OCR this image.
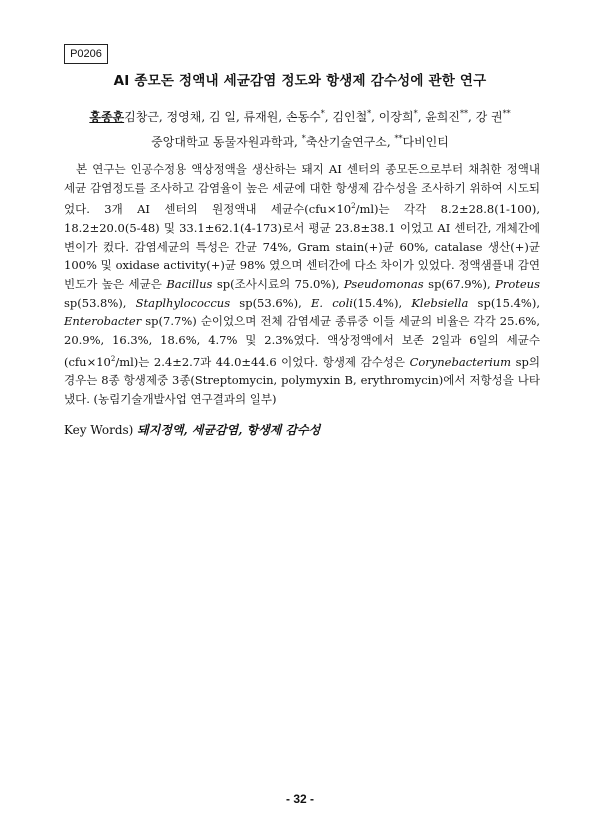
P0206
AI 종모돈 정액내 세균감염 정도와 항생제 감수성에 관한 연구
홍종훈김창근, 정영채, 김 일, 류재원, 손동수*, 김인철*, 이장희*, 윤희진**, 강 권**
중앙대학교 동물자원과학과, *축산기술연구소, **다비인티
본 연구는 인공수정용 액상정액을 생산하는 돼지 AI 센터의 종모돈으로부터 채취한 정액내 세균 감염정도를 조사하고 감염율이 높은 세균에 대한 항생제 감수성을 조사하기 위하여 시도되었다. 3개 AI 센터의 원정액내 세균수$(cfu\times 10^2/ml)$는 각각 8.2±28.8(1-100), 18.2±20.0(5-48) 및 33.1±62.1(4-173)로서 평균 23.8±38.1 이었고 AI 센터간, 개체간에 변이가 컸다. 감염세균의 특성은 간균 74%, Gram stain(+)균 60%, catalase 생산(+)균 100% 및 oxidase activity(+)균 98% 였으며 센터간에 다소 차이가 있었다. 정액샘플내 감연빈도가 높은 세균은 Bacillus sp(조사시료의 75.0%), Pseudomonas sp(67.9%), Proteus sp(53.8%), Staplhylococcus sp(53.6%), E. coli(15.4%), Klebsiella sp(15.4%), Enterobacter sp(7.7%) 순이었으며 전체 감염세균 종류중 이들 세균의 비율은 각각 25.6%, 20.9%, 16.3%, 18.6%, 4.7% 및 2.3%였다. 액상정액에서 보존 2일과 6일의 세균수$(cfu\times 10^2/ml)$는 2.4±2.7과 44.0±44.6 이었다. 항생제 감수성은 Corynebacterium sp의 경우는 8종 항생제중 3종(Streptomycin, polymyxin B, erythromycin)에서 저항성을 나타냈다. (농림기술개발사업 연구결과의 일부)
Key Words) 돼지정액, 세균감염, 항생제 감수성
- 32 -
